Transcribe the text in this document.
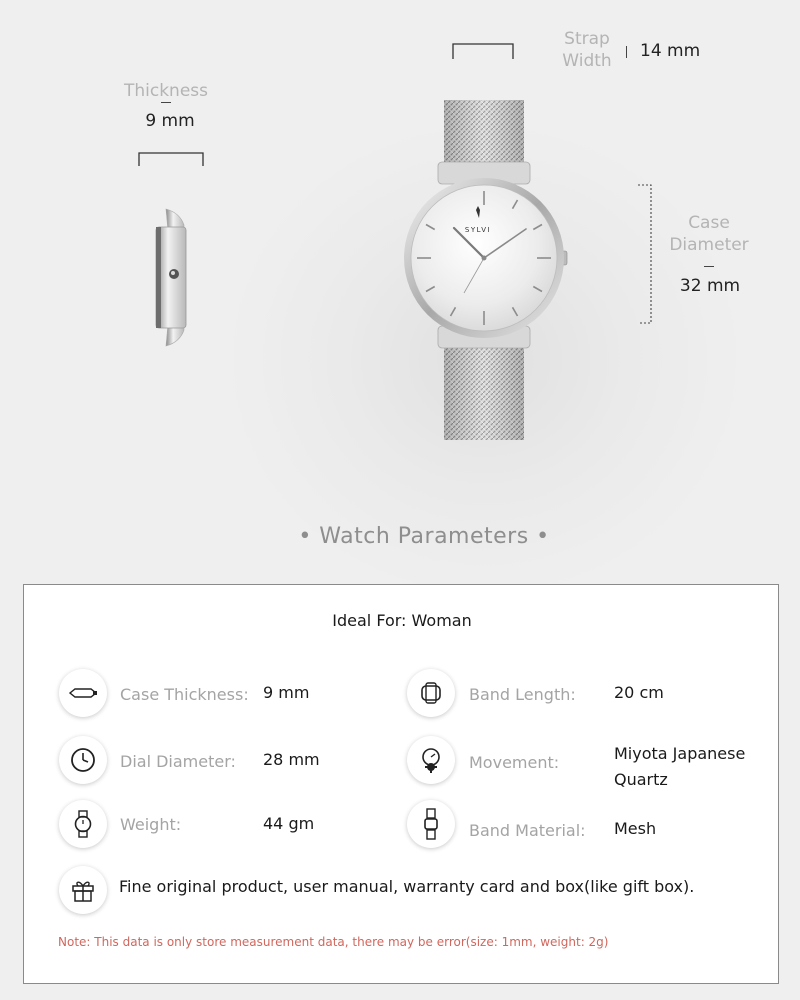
Thickness
9 mm
Strap
Width	14 mm
SYLVI	Case
Diameter
32 mm
• Watch Parameters •
Ideal For: Woman
Case Thickness: 9 mm	Band Length: 20 cm
Dial Diameter: 28 mm	Movement:	Miyota Japanese
Quartz
Weight:	44 gm	Band Material: Mesh
Fine original product, user manual, warranty card and box(like gift box).
Note: This data is only store measurement data, there may be error(size: 1mm, weight: 2g)
